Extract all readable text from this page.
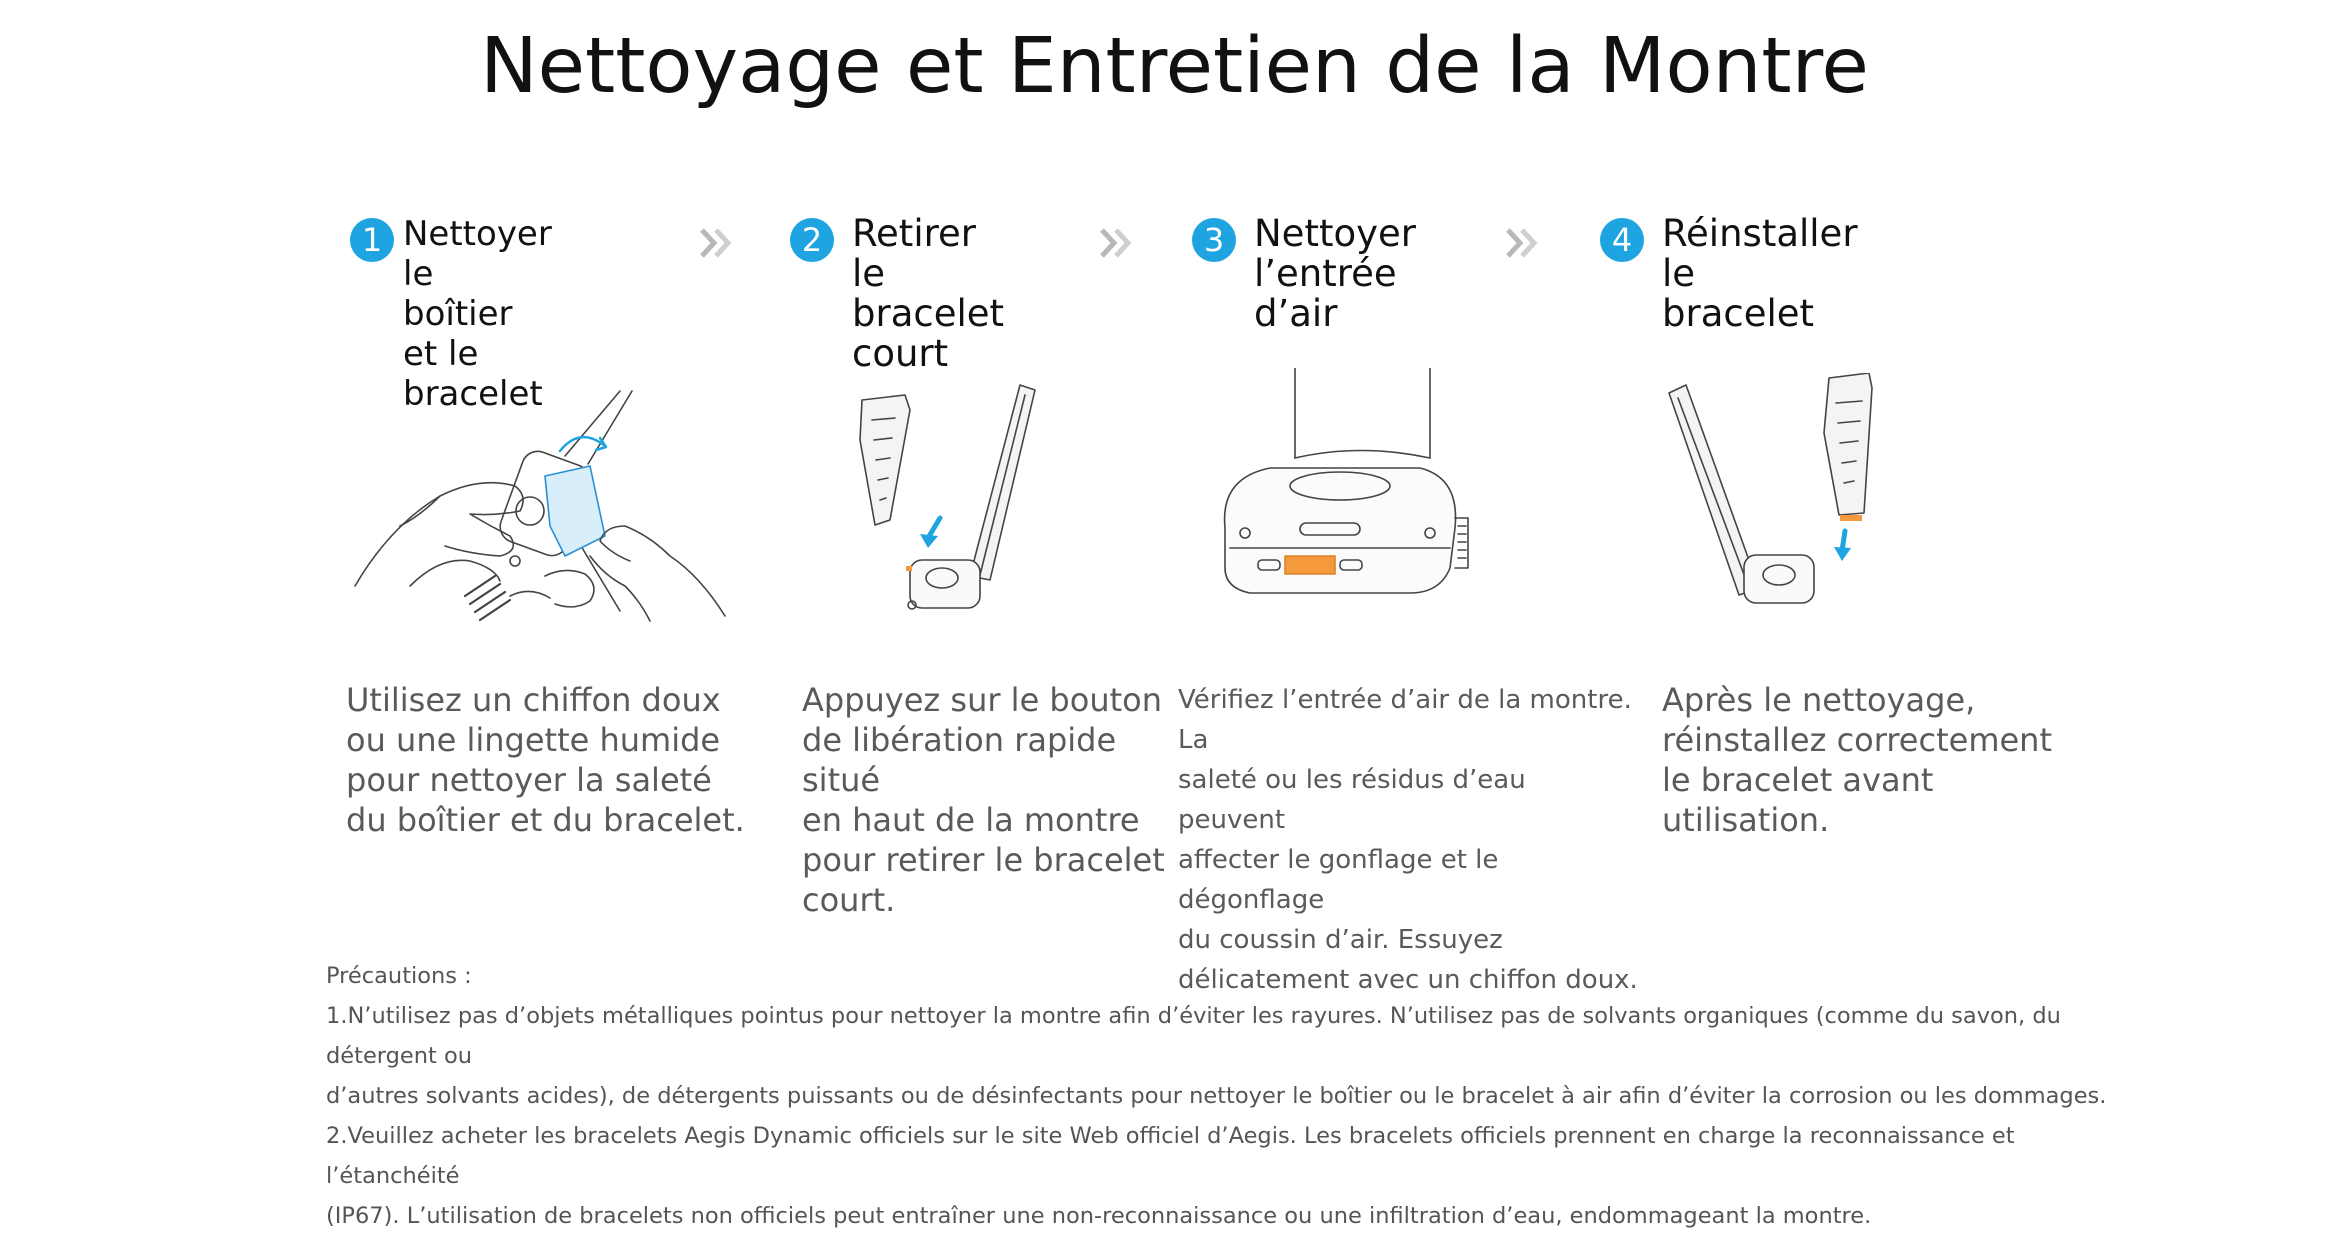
Nettoyage et Entretien de la Montre
1 Nettoyer le boîtier
et le bracelet
Utilisez un chiffon doux
ou une lingette humide
pour nettoyer la saleté
du boîtier et du bracelet.
2 Retirer le
bracelet court
Appuyez sur le bouton
de libération rapide situé
en haut de la montre
pour retirer le bracelet
court.
3 Nettoyer
l’entrée d’air
Vérifiez l’entrée d’air de la montre. La
saleté ou les résidus d’eau peuvent
affecter le gonflage et le dégonflage
du coussin d’air. Essuyez
délicatement avec un chiffon doux.
4 Réinstaller le
bracelet
Après le nettoyage,
réinstallez correctement
le bracelet avant
utilisation.

Précautions :

1.N’utilisez pas d’objets métalliques pointus pour nettoyer la montre afin d’éviter les rayures. N’utilisez pas de solvants organiques (comme du savon, du détergent ou

d’autres solvants acides), de détergents puissants ou de désinfectants pour nettoyer le boîtier ou le bracelet à air afin d’éviter la corrosion ou les dommages.

2.Veuillez acheter les bracelets Aegis Dynamic officiels sur le site Web officiel d’Aegis. Les bracelets officiels prennent en charge la reconnaissance et l’étanchéité

(IP67). L’utilisation de bracelets non officiels peut entraîner une non-reconnaissance ou une infiltration d’eau, endommageant la montre.
